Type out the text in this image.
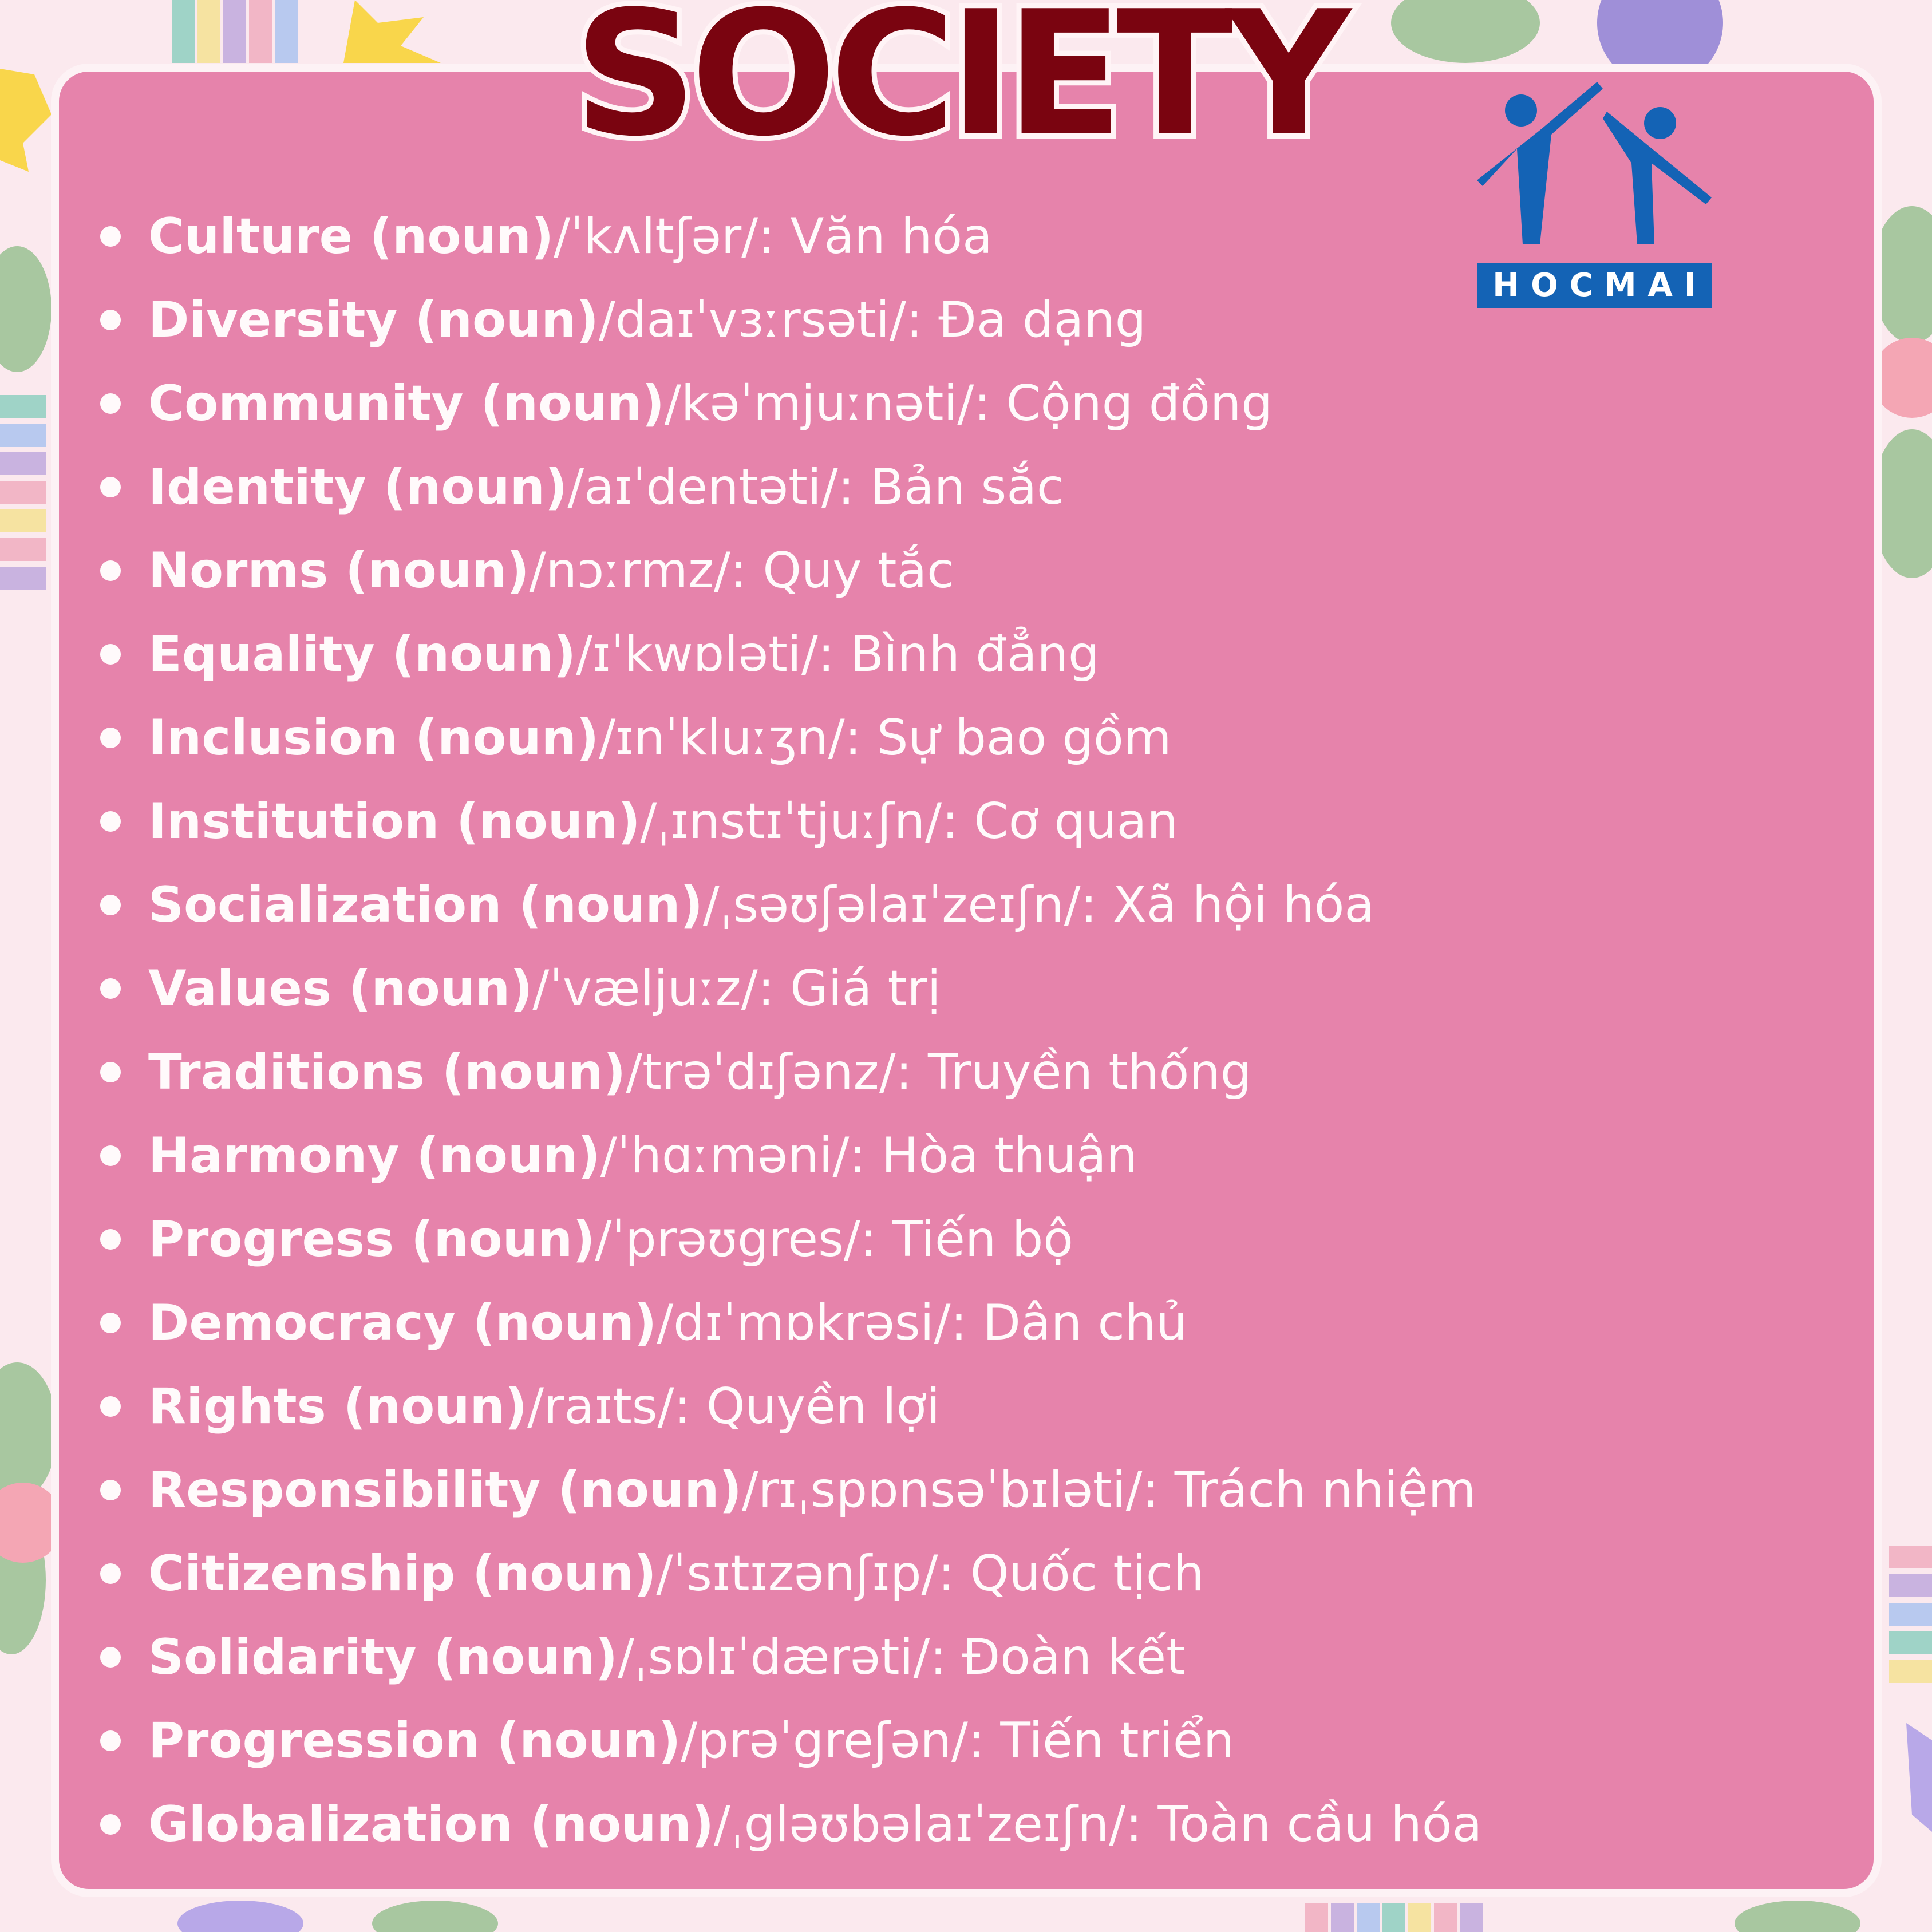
SOCIETY
HOCMAI
Culture (noun) /ˈkʌltʃər/: Văn hóa
Diversity (noun) /daɪˈvɜːrsəti/: Đa dạng
Community (noun) /kəˈmjuːnəti/: Cộng đồng
Identity (noun) /aɪˈdentəti/: Bản sắc
Norms (noun) /nɔːrmz/: Quy tắc
Equality (noun) /ɪˈkwɒləti/: Bình đẳng
Inclusion (noun) /ɪnˈkluːʒn/: Sự bao gồm
Institution (noun) /ˌɪnstɪˈtjuːʃn/: Cơ quan
Socialization (noun) /ˌsəʊʃəlaɪˈzeɪʃn/: Xã hội hóa
Values (noun) /ˈvæljuːz/: Giá trị
Traditions (noun) /trəˈdɪʃənz/: Truyền thống
Harmony (noun) /ˈhɑːməni/: Hòa thuận
Progress (noun) /ˈprəʊgres/: Tiến bộ
Democracy (noun) /dɪˈmɒkrəsi/: Dân chủ
Rights (noun) /raɪts/: Quyền lợi
Responsibility (noun) /rɪˌspɒnsəˈbɪləti/: Trách nhiệm
Citizenship (noun) /ˈsɪtɪzənʃɪp/: Quốc tịch
Solidarity (noun) /ˌsɒlɪˈdærəti/: Đoàn kết
Progression (noun) /prəˈgreʃən/: Tiến triển
Globalization (noun) /ˌgləʊbəlaɪˈzeɪʃn/: Toàn cầu hóa
